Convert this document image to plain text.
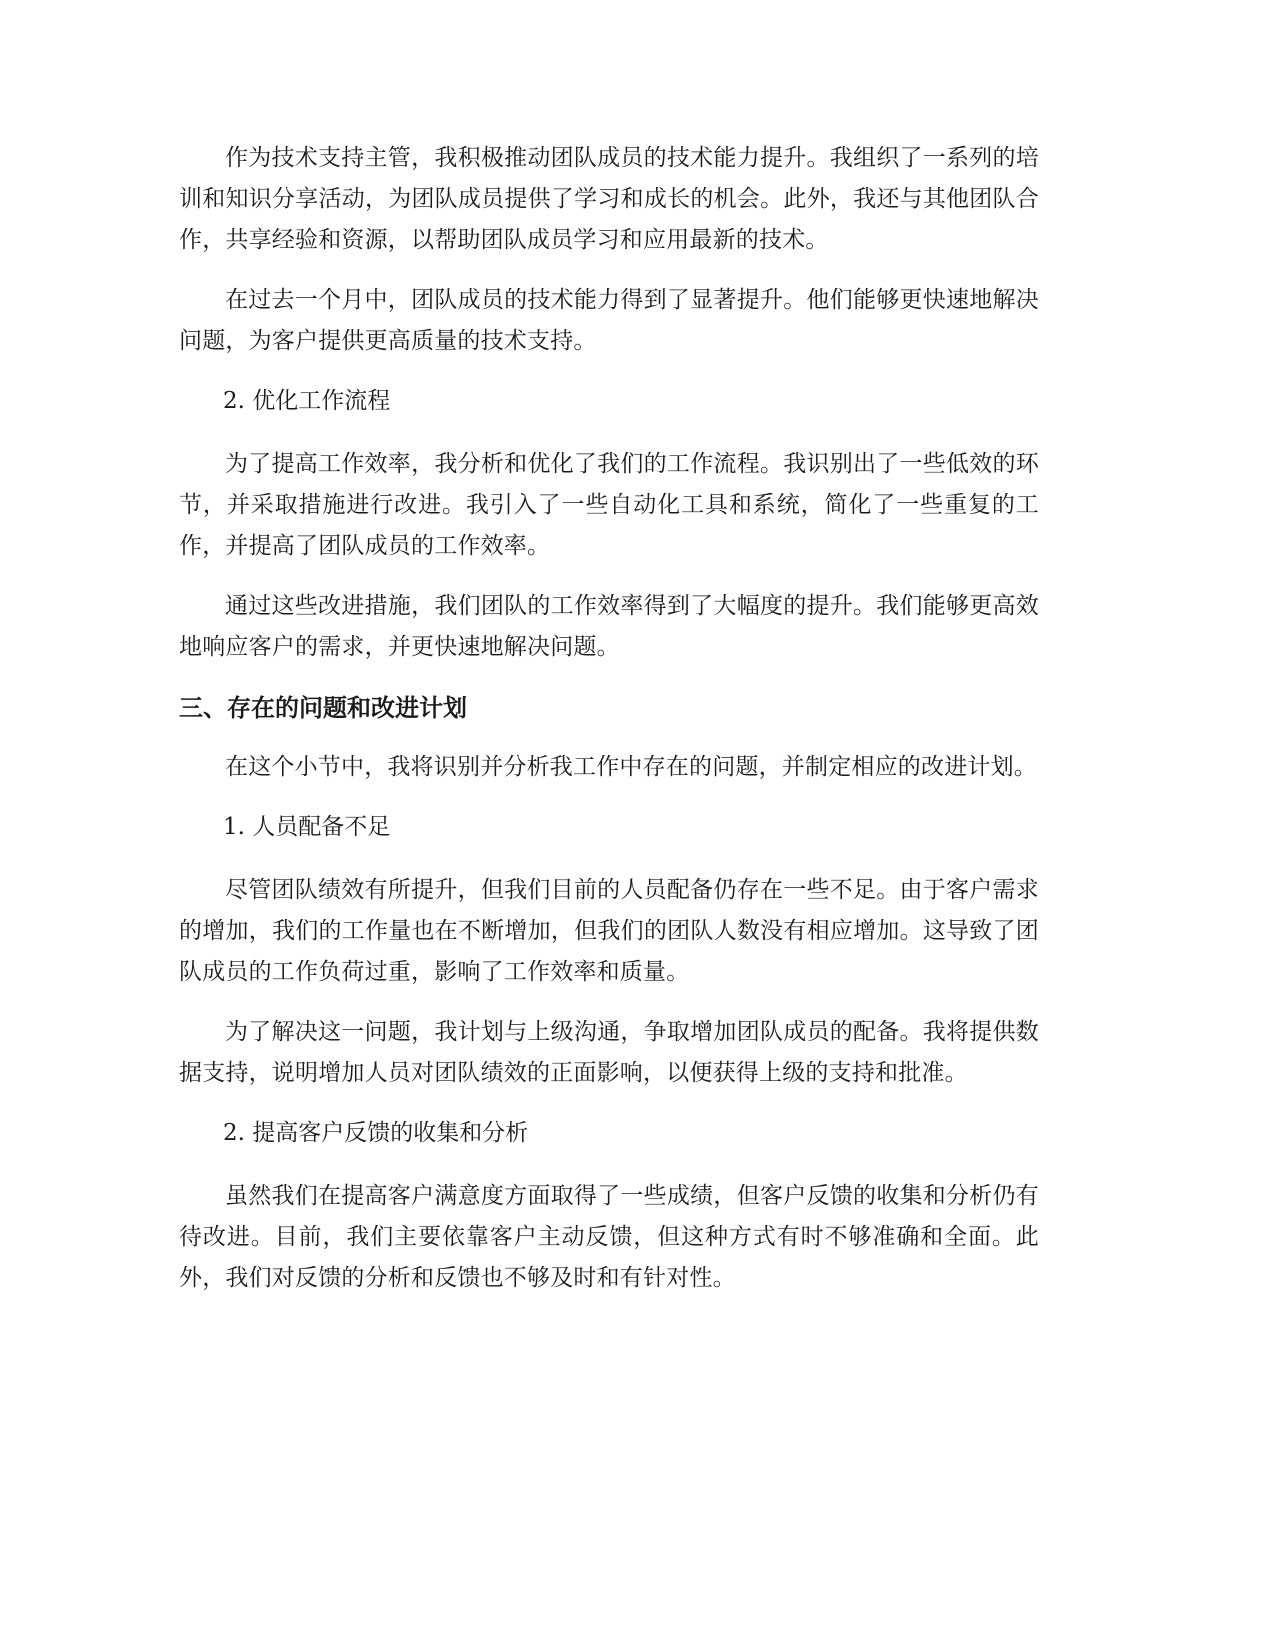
作为技术支持主管，我积极推动团队成员的技术能力提升。我组织了一系列的培训和知识分享活动，为团队成员提供了学习和成长的机会。此外，我还与其他团队合作，共享经验和资源，以帮助团队成员学习和应用最新的技术。

在过去一个月中，团队成员的技术能力得到了显著提升。他们能够更快速地解决问题，为客户提供更高质量的技术支持。

2. 优化工作流程

为了提高工作效率，我分析和优化了我们的工作流程。我识别出了一些低效的环节，并采取措施进行改进。我引入了一些自动化工具和系统，简化了一些重复的工作，并提高了团队成员的工作效率。

通过这些改进措施，我们团队的工作效率得到了大幅度的提升。我们能够更高效地响应客户的需求，并更快速地解决问题。

三、存在的问题和改进计划

在这个小节中，我将识别并分析我工作中存在的问题，并制定相应的改进计划。

1. 人员配备不足

尽管团队绩效有所提升，但我们目前的人员配备仍存在一些不足。由于客户需求的增加，我们的工作量也在不断增加，但我们的团队人数没有相应增加。这导致了团队成员的工作负荷过重，影响了工作效率和质量。

为了解决这一问题，我计划与上级沟通，争取增加团队成员的配备。我将提供数据支持，说明增加人员对团队绩效的正面影响，以便获得上级的支持和批准。

2. 提高客户反馈的收集和分析

虽然我们在提高客户满意度方面取得了一些成绩，但客户反馈的收集和分析仍有待改进。目前，我们主要依靠客户主动反馈，但这种方式有时不够准确和全面。此外，我们对反馈的分析和反馈也不够及时和有针对性。
